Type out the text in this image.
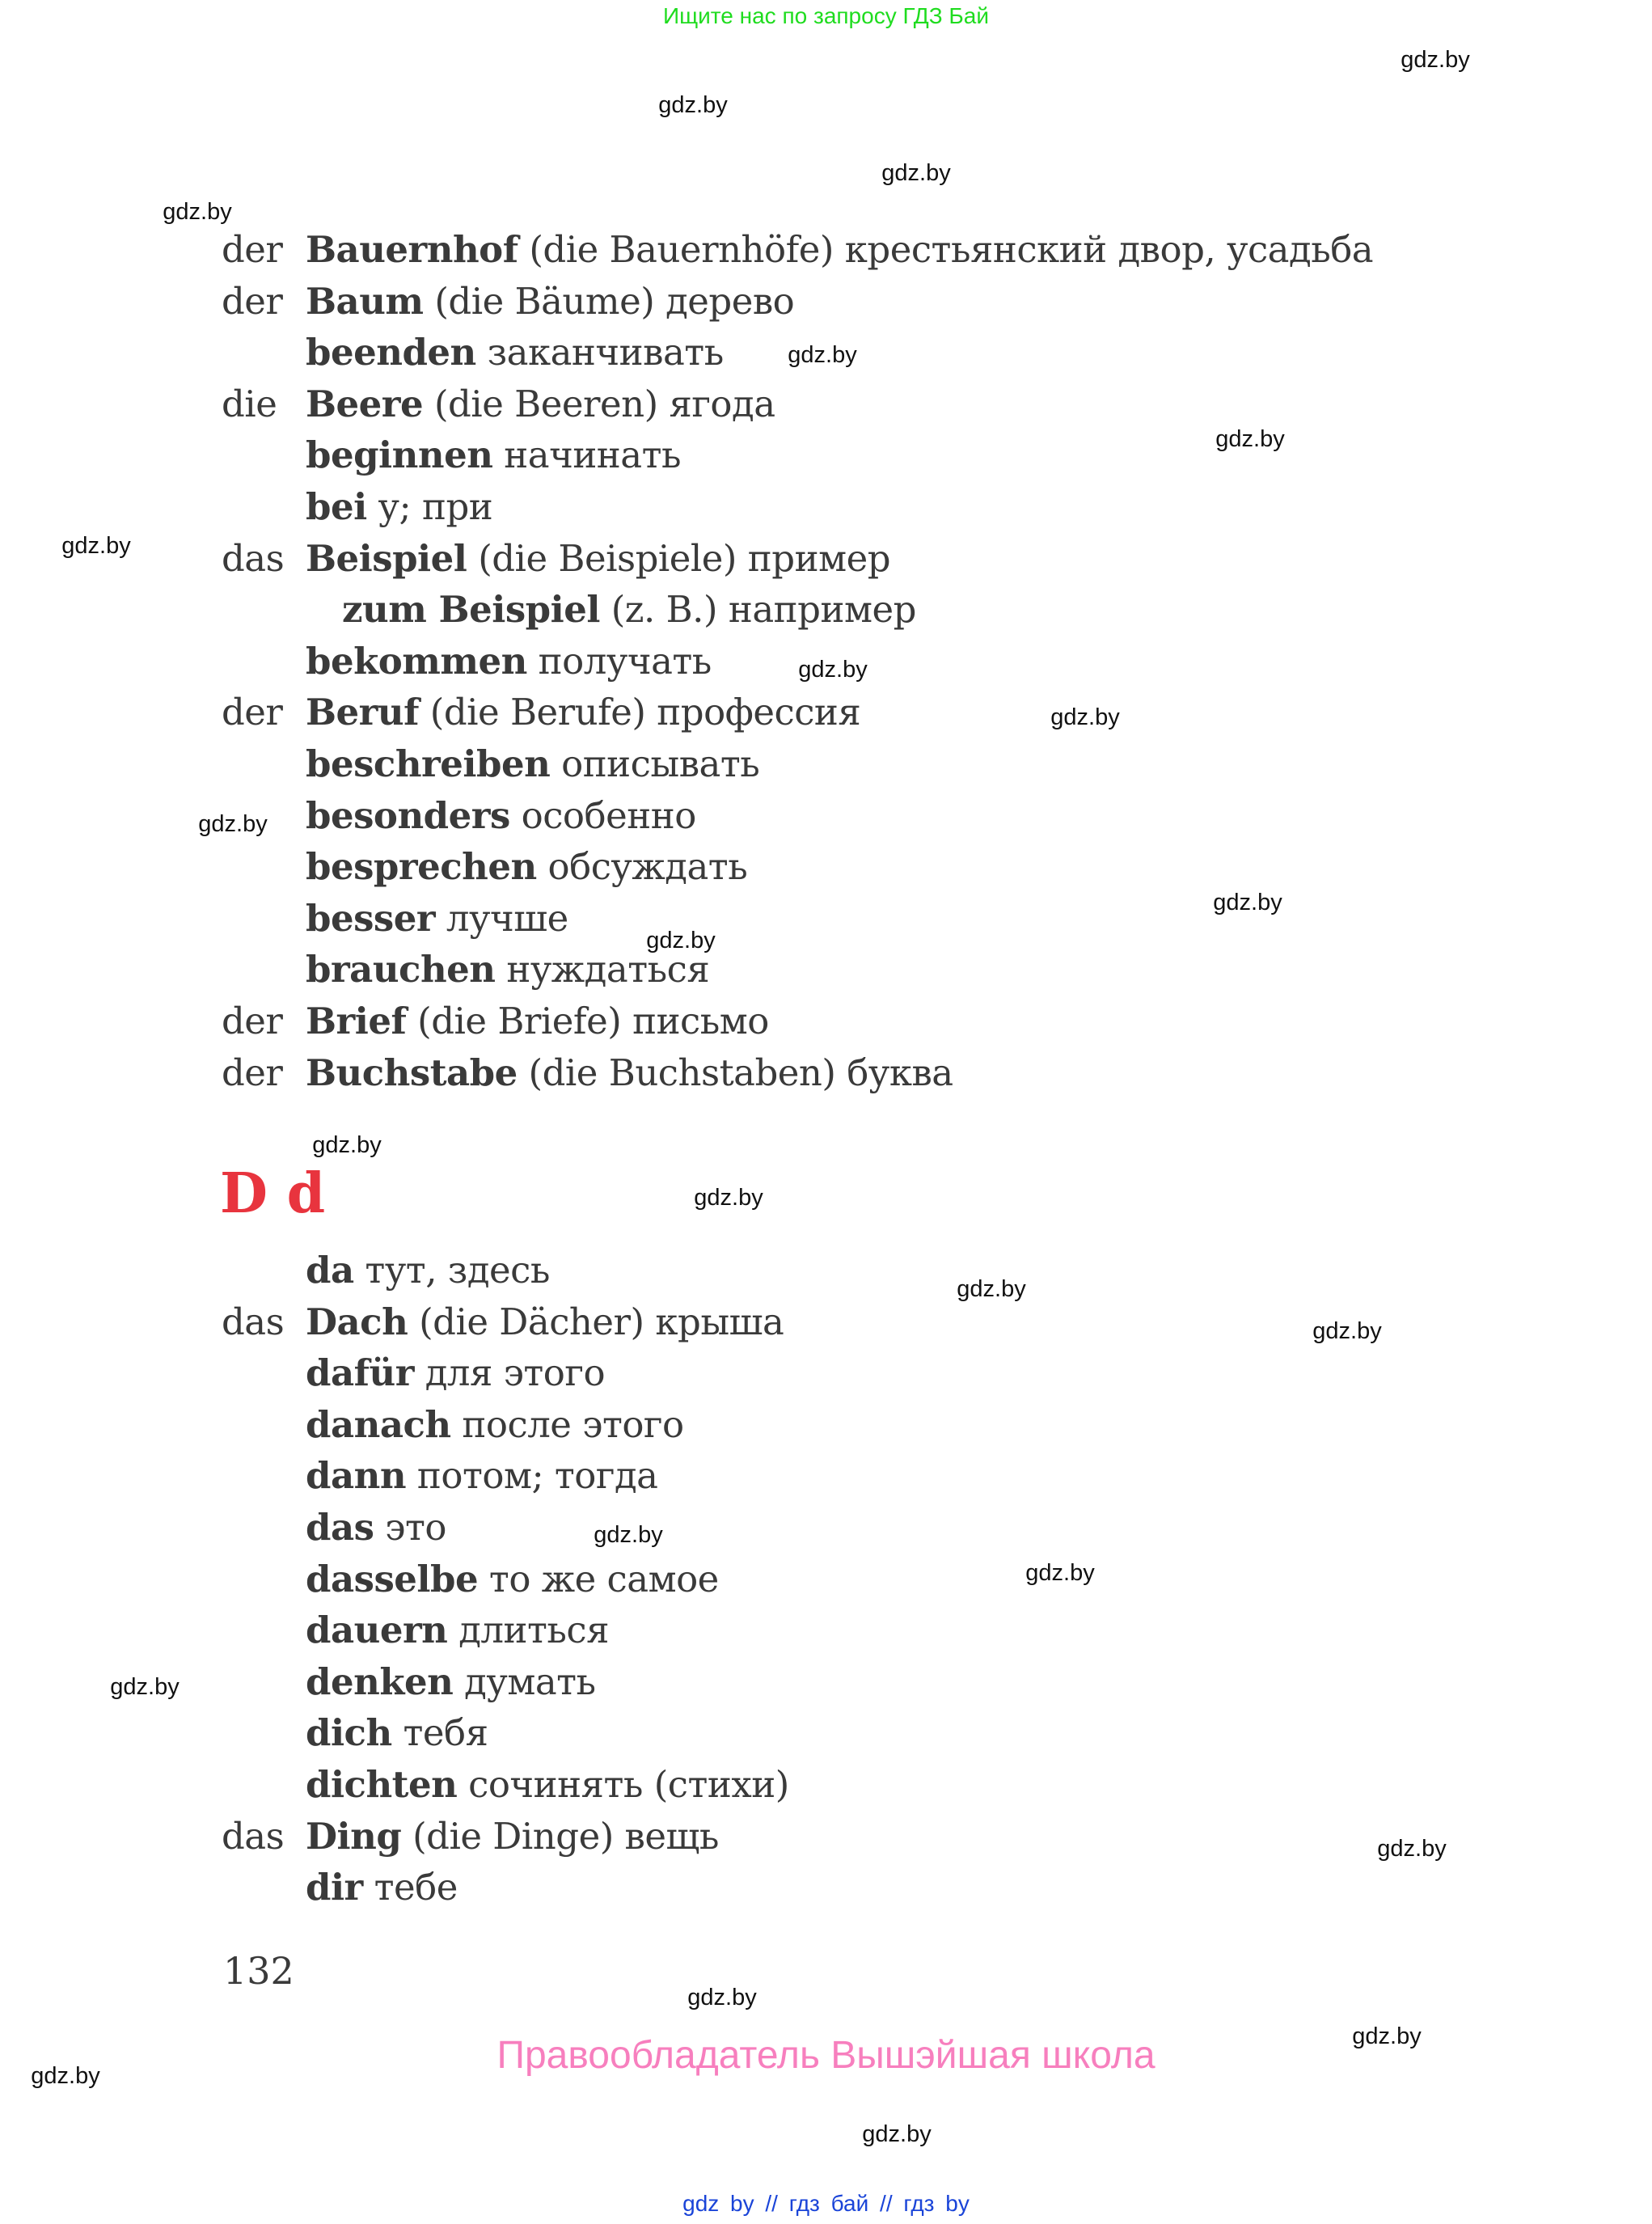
Ищите нас по запросу ГДЗ Бай
der Bauernhof (die Bauernhöfe) крестьянский двор, усадьба
der Baum (die Bäume) дерево
beenden заканчивать
die Beere (die Beeren) ягода
beginnen начинать
bei у; при
das Beispiel (die Beispiele) пример
zum Beispiel (z. B.) например
bekommen получать
der Beruf (die Berufe) профессия
beschreiben описывать
besonders особенно
besprechen обсуждать
besser лучше
brauchen нуждаться
der Brief (die Briefe) письмо
der Buchstabe (die Buchstaben) буква
da тут, здесь
das Dach (die Dächer) крыша
dafür для этого
danach после этого
dann потом; тогда
das это
dasselbe то же самое
dauern длиться
denken думать
dich тебя
dichten сочинять (стихи)
das Ding (die Dinge) вещь
dir тебе
D d
132
Правообладатель Вышэйшая школа
gdz by // гдз бай // гдз by
gdz.by
gdz.by
gdz.by
gdz.by
gdz.by
gdz.by
gdz.by
gdz.by
gdz.by
gdz.by
gdz.by
gdz.by
gdz.by
gdz.by
gdz.by
gdz.by
gdz.by
gdz.by
gdz.by
gdz.by
gdz.by
gdz.by
gdz.by
gdz.by
